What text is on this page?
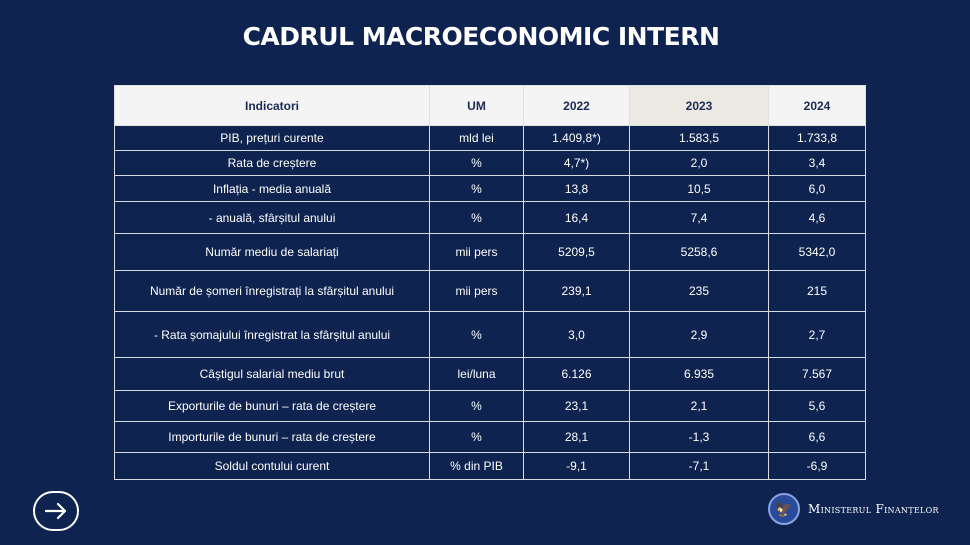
CADRUL MACROECONOMIC INTERN
Indicatori	UM	2022	2023	2024
PIB, prețuri curente	mld lei	1.409,8*)	1.583,5	1.733,8
Rata de creștere	%	4,7*)	2,0	3,4
Inflația - media anuală	%	13,8	10,5	6,0
- anuală, sfârșitul anului	%	16,4	7,4	4,6
Număr mediu de salariați	mii pers	5209,5	5258,6	5342,0
Număr de șomeri înregistrați la sfârșitul anului	mii pers	239,1	235	215
- Rata șomajului înregistrat la sfârșitul anului	%	3,0	2,9	2,7
Câștigul salarial mediu brut	lei/luna	6.126	6.935	7.567
Exporturile de bunuri – rata de creștere	%	23,1	2,1	5,6
Importurile de bunuri – rata de creștere	%	28,1	-1,3	6,6
Soldul contului curent	% din PIB	-9,1	-7,1	-6,9
🦅	Ministerul Finanțelor
